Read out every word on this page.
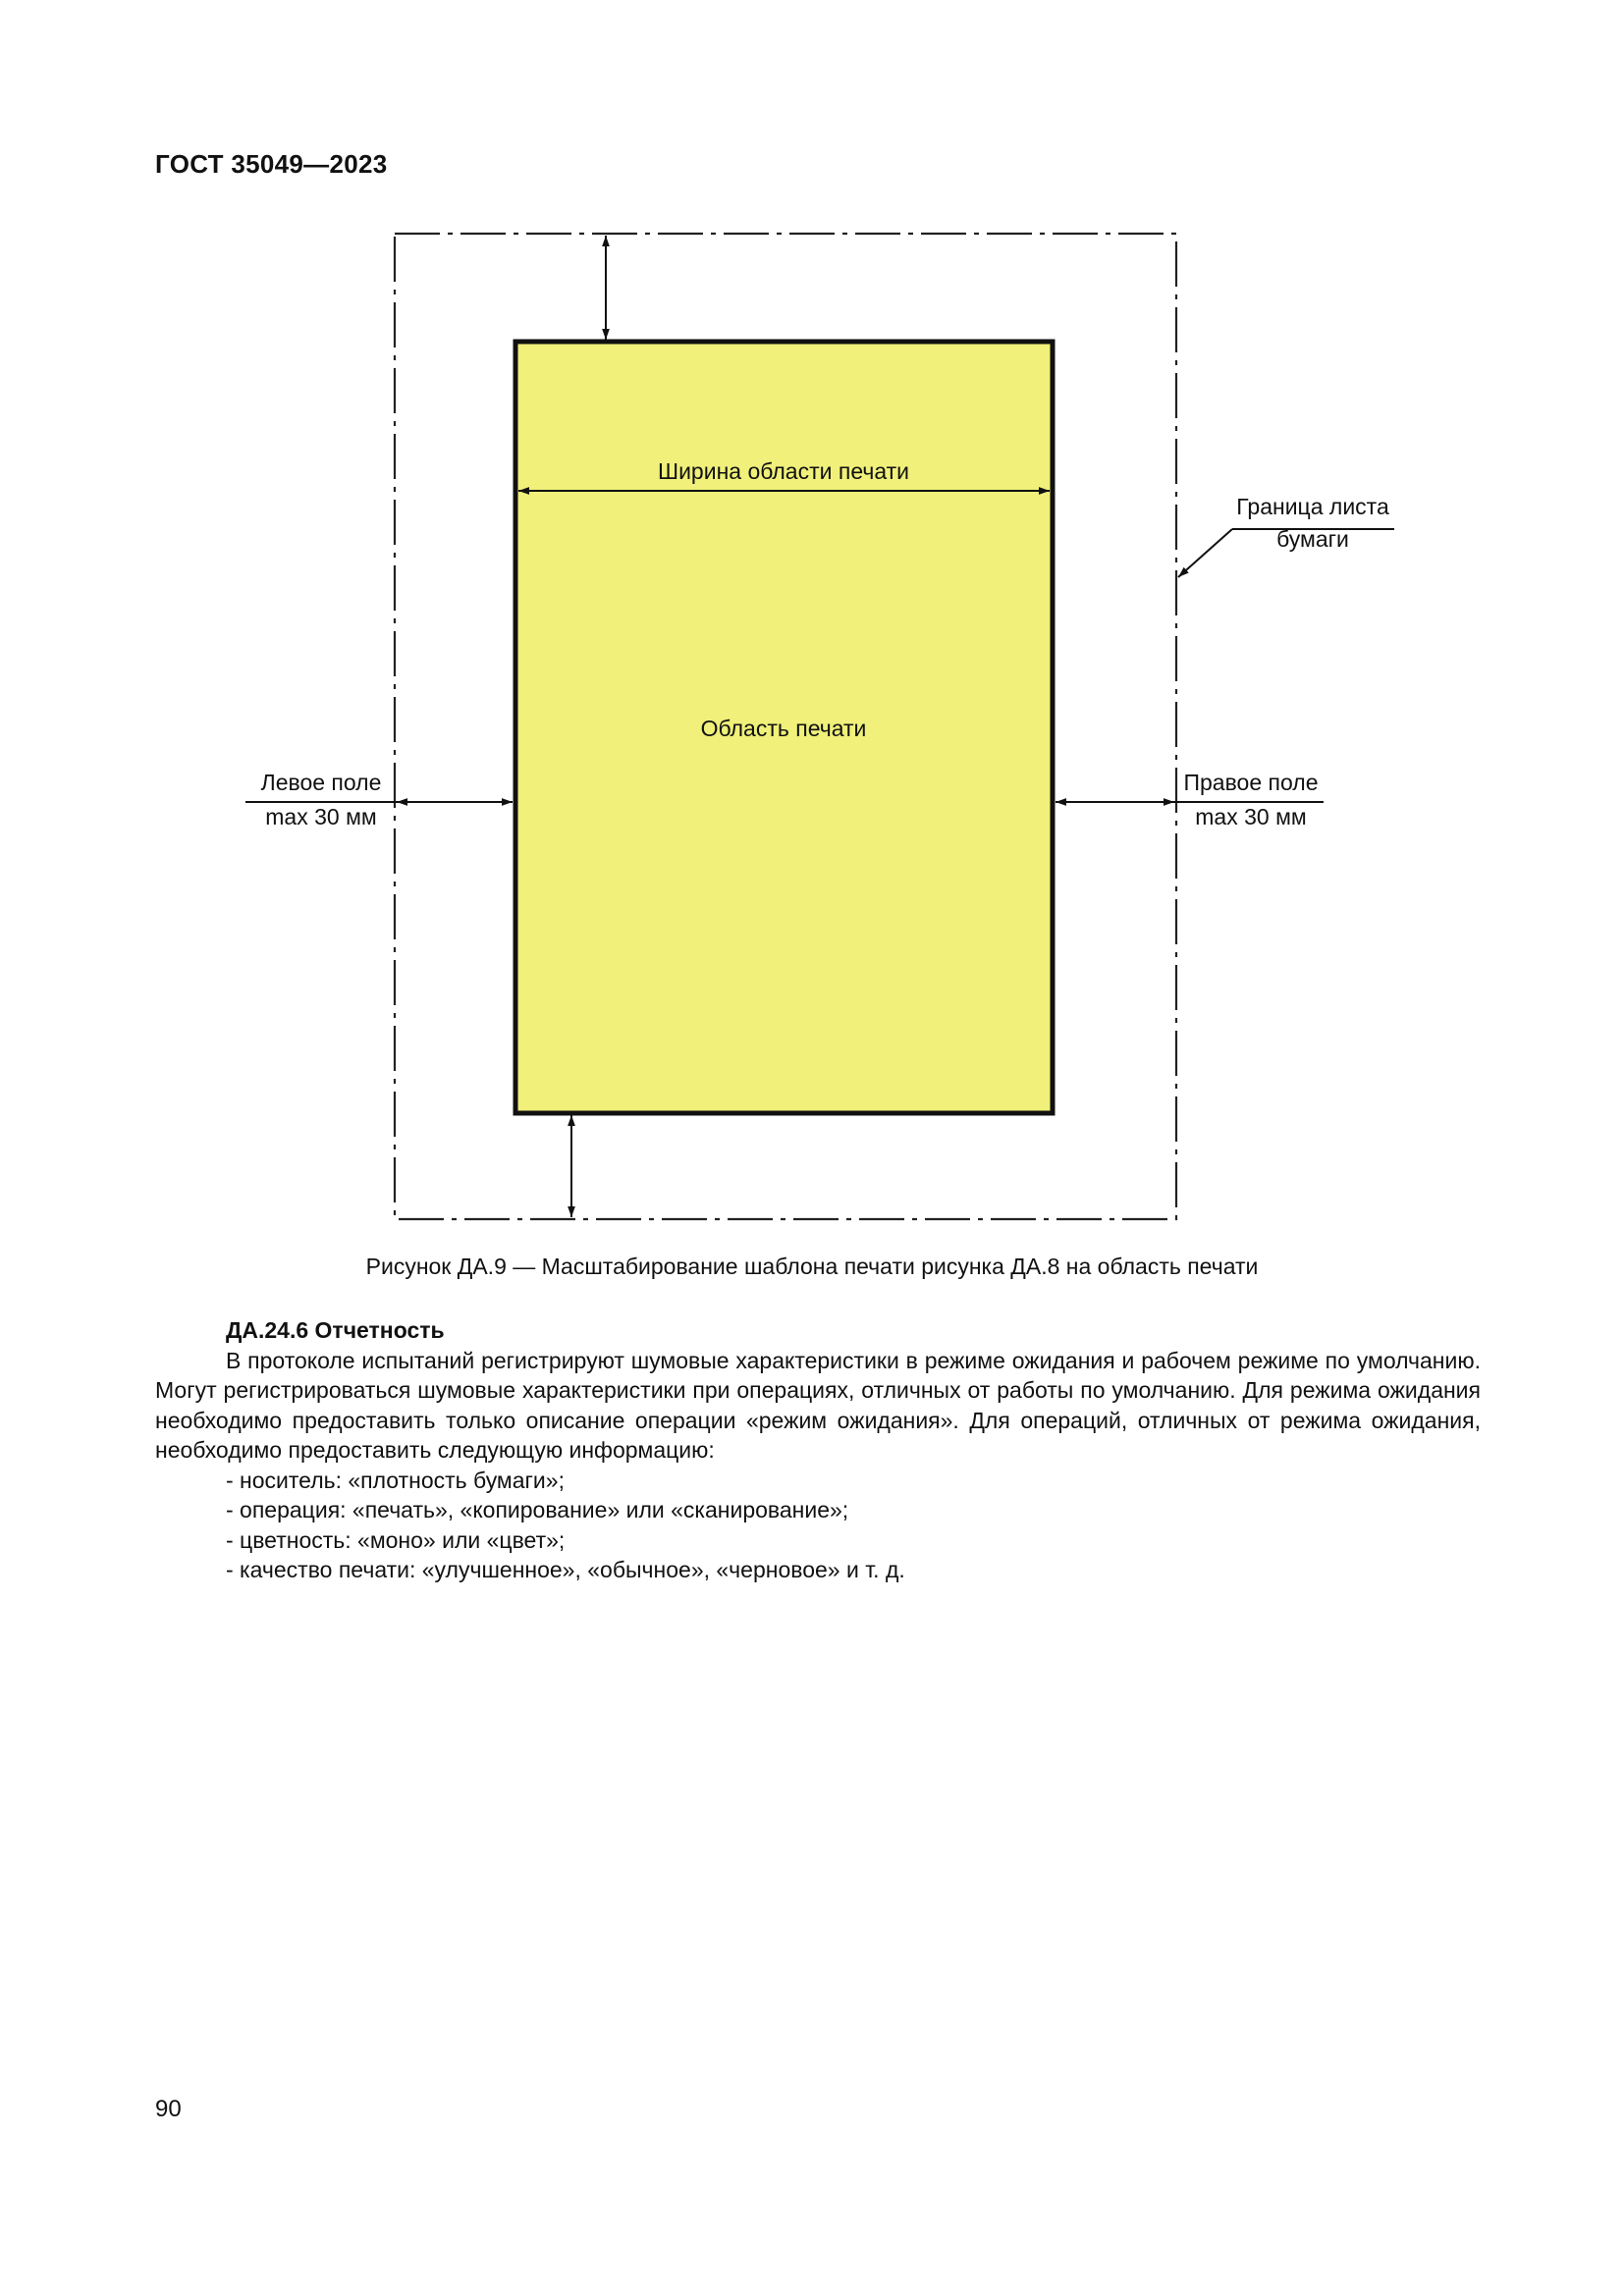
ГОСТ 35049—2023
Ширина области печати
Область печати
Левое поле
max 30 мм
Правое поле
max 30 мм
Граница листа
бумаги
Рисунок ДА.9 — Масштабирование шаблона печати рисунка ДА.8 на область печати
ДА.24.6 Отчетность

В протоколе испытаний регистрируют шумовые характеристики в режиме ожидания и рабочем режиме по умолчанию. Могут регистрироваться шумовые характеристики при операциях, отличных от работы по умолчанию. Для режима ожидания необходимо предоставить только описание операции «режим ожидания». Для операций, отличных от режима ожидания, необходимо предоставить следующую информацию:

- носитель: «плотность бумаги»;
- операция: «печать», «копирование» или «сканирование»;
- цветность: «моно» или «цвет»;
- качество печати: «улучшенное», «обычное», «черновое» и т. д.
90
